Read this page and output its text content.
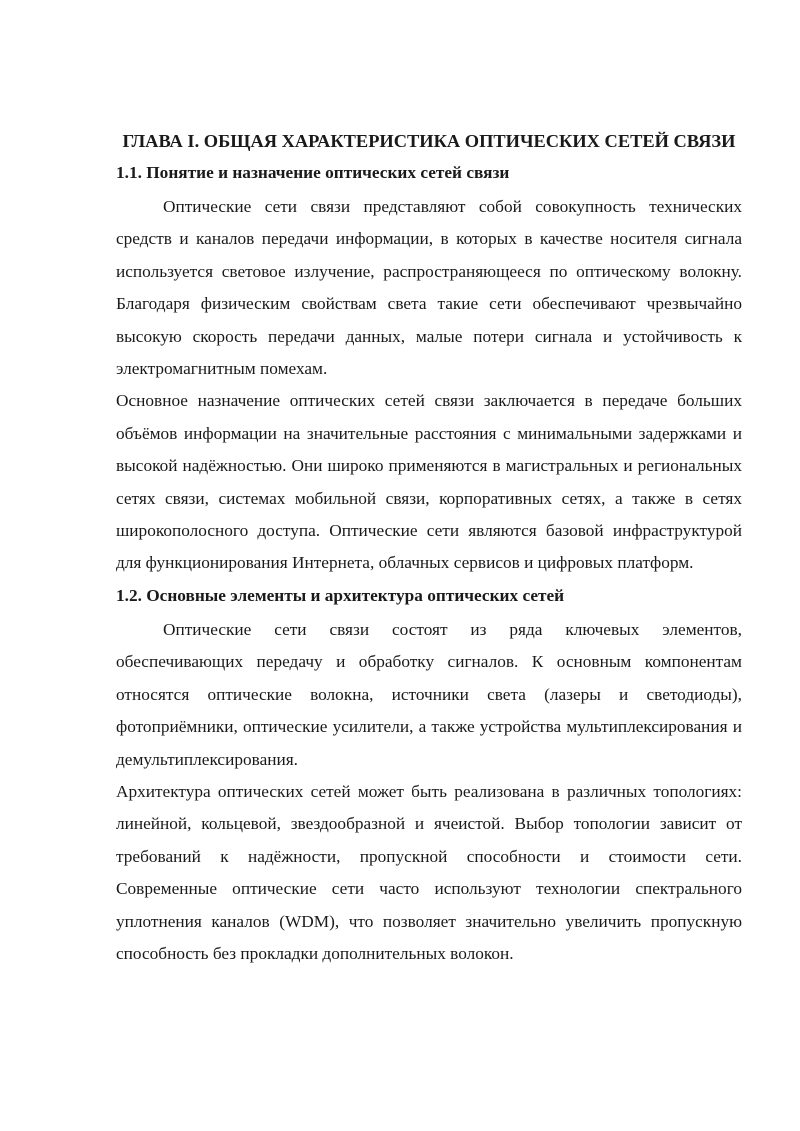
ГЛАВА I. ОБЩАЯ ХАРАКТЕРИСТИКА ОПТИЧЕСКИХ СЕТЕЙ СВЯЗИ
1.1. Понятие и назначение оптических сетей связи

Оптические сети связи представляют собой совокупность технических средств и каналов передачи информации, в которых в качестве носителя сигнала используется световое излучение, распространяющееся по оптическому волокну. Благодаря физическим свойствам света такие сети обеспечивают чрезвычайно высокую скорость передачи данных, малые потери сигнала и устойчивость к электромагнитным помехам.

Основное назначение оптических сетей связи заключается в передаче больших объёмов информации на значительные расстояния с минимальными задержками и высокой надёжностью. Они широко применяются в магистральных и региональных сетях связи, системах мобильной связи, корпоративных сетях, а также в сетях широкополосного доступа. Оптические сети являются базовой инфраструктурой для функционирования Интернета, облачных сервисов и цифровых платформ.

1.2. Основные элементы и архитектура оптических сетей

Оптические сети связи состоят из ряда ключевых элементов, обеспечивающих передачу и обработку сигналов. К основным компонентам относятся оптические волокна, источники света (лазеры и светодиоды), фотоприёмники, оптические усилители, а также устройства мультиплексирования и демультиплексирования.

Архитектура оптических сетей может быть реализована в различных топологиях: линейной, кольцевой, звездообразной и ячеистой. Выбор топологии зависит от требований к надёжности, пропускной способности и стоимости сети. Современные оптические сети часто используют технологии спектрального уплотнения каналов (WDM), что позволяет значительно увеличить пропускную способность без прокладки дополнительных волокон.
